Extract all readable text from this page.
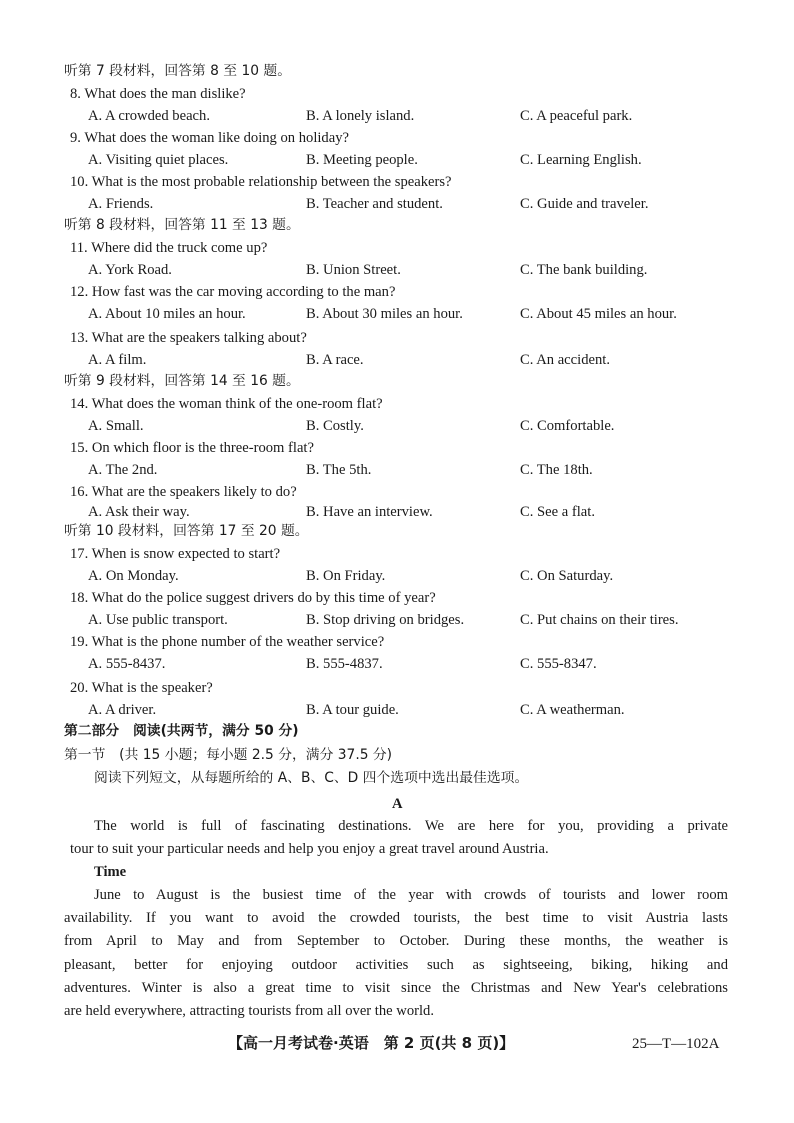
听第 7 段材料，回答第 8 至 10 题。
8. What does the man dislike?
A. A crowded beach.	B. A lonely island.	C. A peaceful park.
9. What does the woman like doing on holiday?
A. Visiting quiet places.	B. Meeting people.	C. Learning English.
10. What is the most probable relationship between the speakers?
A. Friends.	B. Teacher and student.	C. Guide and traveler.
听第 8 段材料，回答第 11 至 13 题。
11. Where did the truck come up?
A. York Road.	B. Union Street.	C. The bank building.
12. How fast was the car moving according to the man?
A. About 10 miles an hour.	B. About 30 miles an hour.	C. About 45 miles an hour.
13. What are the speakers talking about?
A. A film.	B. A race.	C. An accident.
听第 9 段材料，回答第 14 至 16 题。
14. What does the woman think of the one-room flat?
A. Small.	B. Costly.	C. Comfortable.
15. On which floor is the three-room flat?
A. The 2nd.	B. The 5th.	C. The 18th.
16. What are the speakers likely to do?
A. Ask their way.	B. Have an interview.	C. See a flat.
听第 10 段材料，回答第 17 至 20 题。
17. When is snow expected to start?
A. On Monday.	B. On Friday.	C. On Saturday.
18. What do the police suggest drivers do by this time of year?
A. Use public transport.	B. Stop driving on bridges.	C. Put chains on their tires.
19. What is the phone number of the weather service?
A. 555-8437.	B. 555-4837.	C. 555-8347.
20. What is the speaker?
A. A driver.	B. A tour guide.	C. A weatherman.
第二部分　阅读(共两节，满分 50 分)
第一节　(共 15 小题；每小题 2.5 分，满分 37.5 分)
阅读下列短文，从每题所给的 A、B、C、D 四个选项中选出最佳选项。
A
The world is full of fascinating destinations. We are here for you, providing a private
tour to suit your particular needs and help you enjoy a great travel around Austria.
Time
June to August is the busiest time of the year with crowds of tourists and lower room
availability. If you want to avoid the crowded tourists, the best time to visit Austria lasts
from April to May and from September to October. During these months, the weather is
pleasant, better for enjoying outdoor activities such as sightseeing, biking, hiking and
adventures. Winter is also a great time to visit since the Christmas and New Year's celebrations
are held everywhere, attracting tourists from all over the world.
【高一月考试卷·英语　第 2 页(共 8 页)】	25—T—102A
